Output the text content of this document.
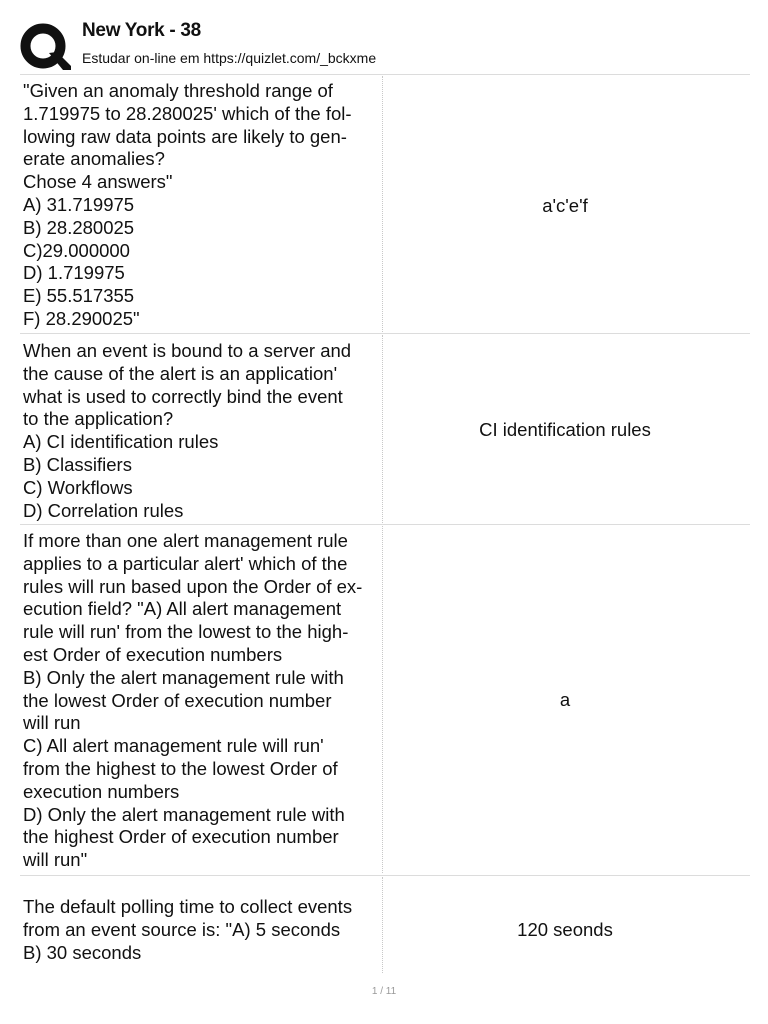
New York - 38
Estudar on-line em https://quizlet.com/_bckxme
"Given an anomaly threshold range of
1.719975 to 28.280025' which of the fol-
lowing raw data points are likely to gen-
erate anomalies?
Chose 4 answers"
A) 31.719975
B) 28.280025
C)29.000000
D) 1.719975
E) 55.517355
F) 28.290025"
a'c'e'f
When an event is bound to a server and
the cause of the alert is an application'
what is used to correctly bind the event
to the application?
A) CI identification rules
B) Classifiers
C) Workflows
D) Correlation rules
CI identification rules
If more than one alert management rule
applies to a particular alert' which of the
rules will run based upon the Order of ex-
ecution field? "A) All alert management
rule will run' from the lowest to the high-
est Order of execution numbers
B) Only the alert management rule with
the lowest Order of execution number
will run
C) All alert management rule will run'
from the highest to the lowest Order of
execution numbers
D) Only the alert management rule with
the highest Order of execution number
will run"
a
The default polling time to collect events
from an event source is: "A) 5 seconds
B) 30 seconds
120 seonds
1 / 11
